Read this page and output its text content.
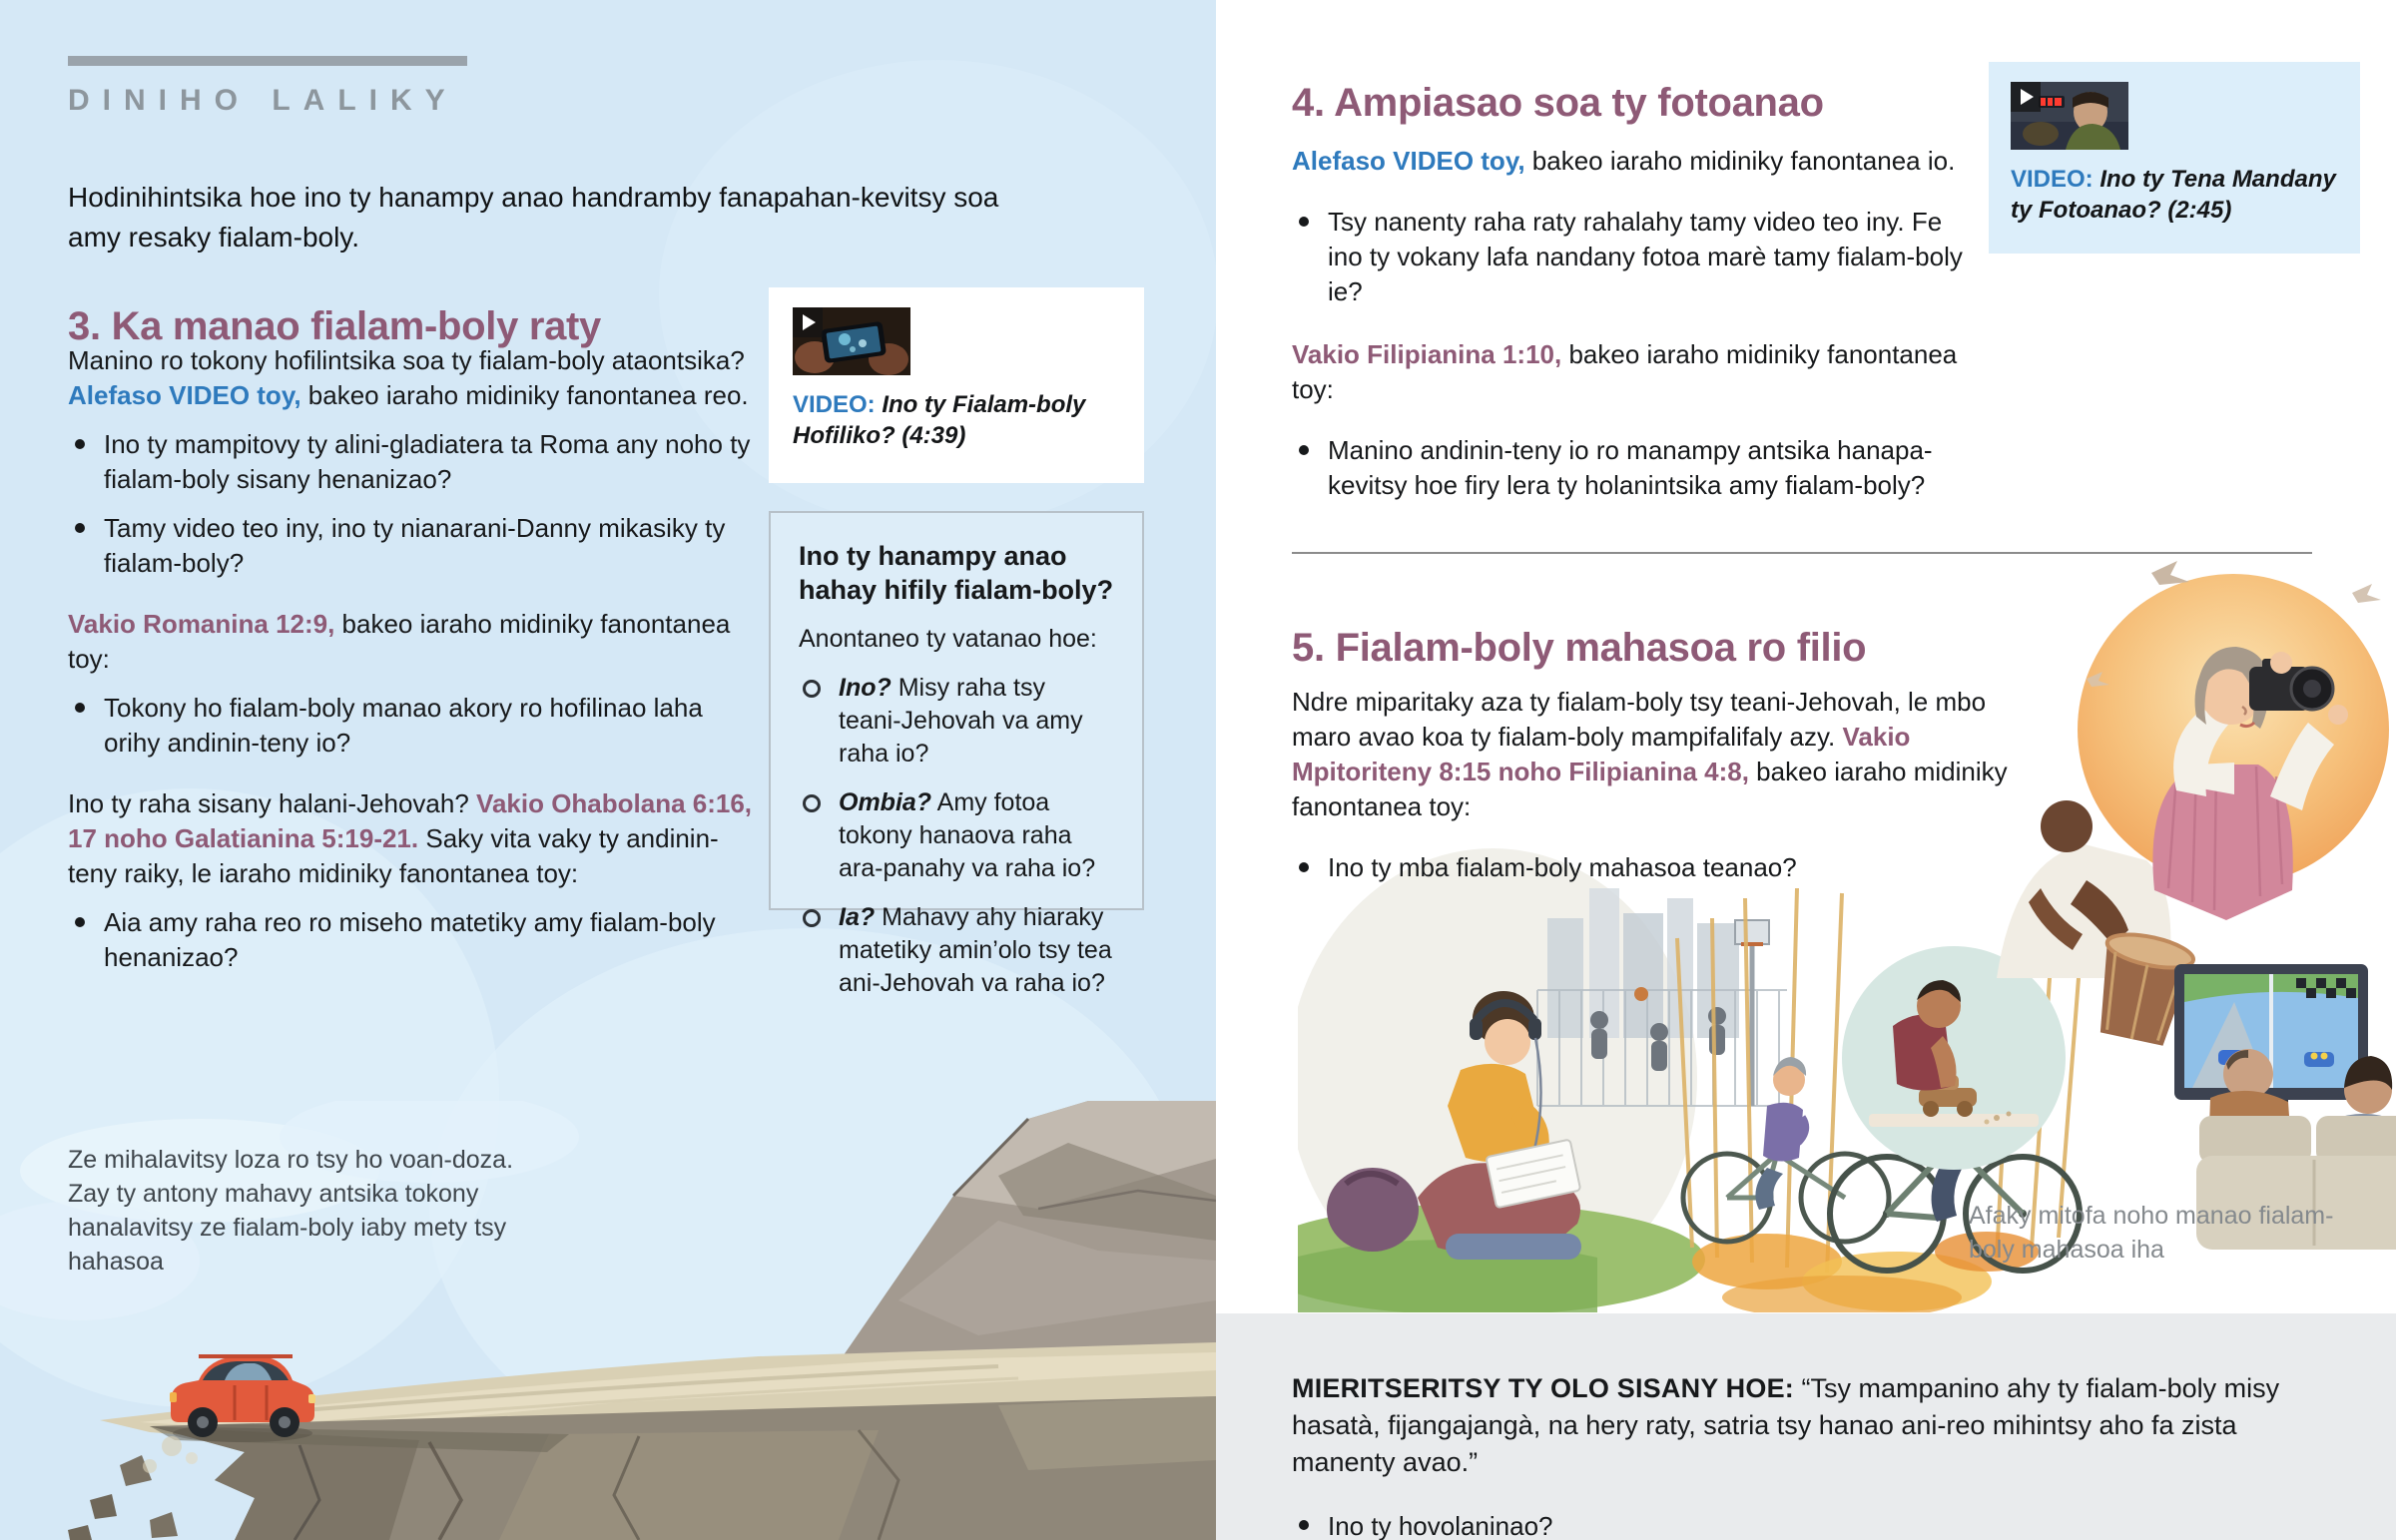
DINIHO LALIKY

Hodinihintsika hoe ino ty hanampy anao handramby fanapahan-kevitsy soa amy resaky fialam-boly.

3. Ka manao fialam-boly raty

Manino ro tokony hofilintsika soa ty fialam-boly ataontsika? Alefaso VIDEO toy, bakeo iaraho midiniky fanontanea reo.

Ino ty mampitovy ty alini-gladiatera ta Roma any noho ty fialam-boly sisany henanizao?
Tamy video teo iny, ino ty nianarani-Danny mikasiky ty fialam-boly?

Vakio Romanina 12:9, bakeo iaraho midiniky fanontanea toy:

Tokony ho fialam-boly manao akory ro hofilinao laha orihy andinin-teny io?

Ino ty raha sisany halani-Jehovah? Vakio Ohabolana 6:16, 17 noho Galatianina 5:19-21. Saky vita vaky ty andinin-teny raiky, le iaraho midiniky fanontanea toy:

Aia amy raha reo ro miseho matetiky amy fialam-boly henanizao?
VIDEO: Ino ty Fialam-boly Hofiliko? (4:39)

Ino ty hanampy anao hahay hifily fialam-boly?

Anontaneo ty vatanao hoe:

Ino? Misy raha tsy teani-Jehovah va amy raha io?
Ombia? Amy fotoa tokony hanaova raha ara-panahy va raha io?
Ia? Mahavy ahy hiaraky matetiky amin’olo tsy tea ani-Jehovah va raha io?

Ze mihalavitsy loza ro tsy ho voan-doza. Zay ty antony mahavy antsika tokony hanalavitsy ze fialam-boly iaby mety tsy hahasoa

4. Ampiasao soa ty fotoanao

Alefaso VIDEO toy, bakeo iaraho midiniky fanontanea io.

Tsy nanenty raha raty rahalahy tamy video teo iny. Fe ino ty vokany lafa nandany fotoa marè tamy fialam-boly ie?

Vakio Filipianina 1:10, bakeo iaraho midiniky fanontanea toy:

Manino andinin-teny io ro manampy antsika hanapa-kevitsy hoe firy lera ty holanintsika amy fialam-boly?
VIDEO: Ino ty Tena Mandany ty Fotoanao? (2:45)
5. Fialam-boly mahasoa ro filio

Ndre miparitaky aza ty fialam-boly tsy teani-Jehovah, le mbo maro avao koa ty fialam-boly mampifalifaly azy. Vakio Mpitoriteny 8:15 noho Filipianina 4:8, bakeo iaraho midiniky fanontanea toy:

Ino ty mba fialam-boly mahasoa teanao?

Afaky mitofa noho manao fialam-boly mahasoa iha

MIERITSERITSY TY OLO SISANY HOE: “Tsy mampanino ahy ty fialam-boly misy hasatà, fijangajangà, na hery raty, satria tsy hanao ani-reo mihintsy aho fa zista manenty avao.”

Ino ty hovolaninao?
